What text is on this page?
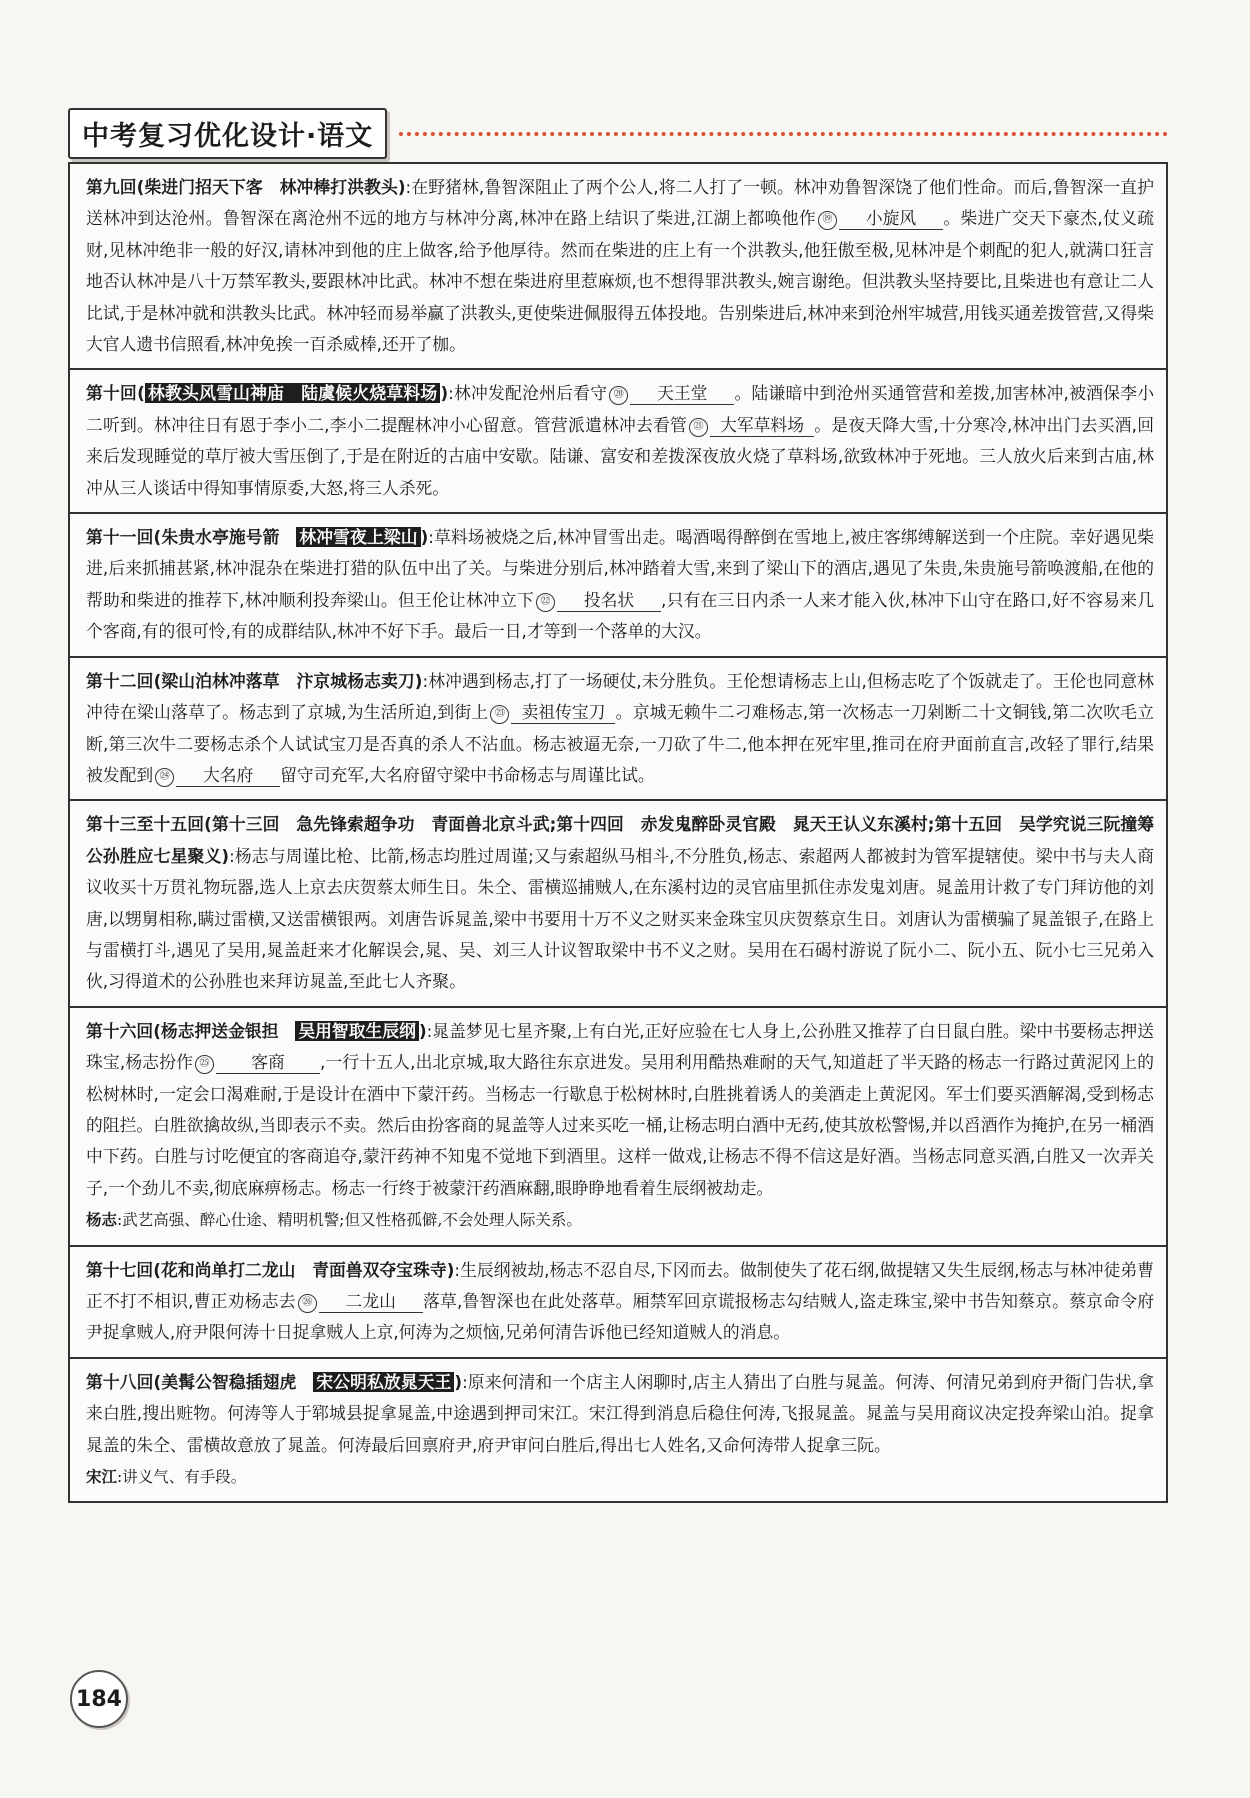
中考复习优化设计·语文
第九回(柴进门招天下客　林冲棒打洪教头):在野猪林,鲁智深阻止了两个公人,将二人打了一顿。林冲劝鲁智深饶了他们性命。而后,鲁智深一直护送林冲到达沧州。鲁智深在离沧州不远的地方与林冲分离,林冲在路上结识了柴进,江湖上都唤他作 ⑲ 小旋风 。柴进广交天下豪杰,仗义疏财,见林冲绝非一般的好汉,请林冲到他的庄上做客,给予他厚待。然而在柴进的庄上有一个洪教头,他狂傲至极,见林冲是个刺配的犯人,就满口狂言地否认林冲是八十万禁军教头,要跟林冲比武。林冲不想在柴进府里惹麻烦,也不想得罪洪教头,婉言谢绝。但洪教头坚持要比,且柴进也有意让二人比试,于是林冲就和洪教头比武。林冲轻而易举赢了洪教头,更使柴进佩服得五体投地。告别柴进后,林冲来到沧州牢城营,用钱买通差拨管营,又得柴大官人遗书信照看,林冲免挨一百杀威棒,还开了枷。
第十回( 林教头风雪山神庙　陆虞候火烧草料场 ):林冲发配沧州后看守 ⑳ 天王堂 。陆谦暗中到沧州买通管营和差拨,加害林冲,被酒保李小二听到。林冲往日有恩于李小二,李小二提醒林冲小心留意。管营派遣林冲去看管 ㉑ 大军草料场 。是夜天降大雪,十分寒冷,林冲出门去买酒,回来后发现睡觉的草厅被大雪压倒了,于是在附近的古庙中安歇。陆谦、富安和差拨深夜放火烧了草料场,欲致林冲于死地。三人放火后来到古庙,林冲从三人谈话中得知事情原委,大怒,将三人杀死。
第十一回(朱贵水亭施号箭　林冲雪夜上梁山 ):草料场被烧之后,林冲冒雪出走。喝酒喝得醉倒在雪地上,被庄客绑缚解送到一个庄院。幸好遇见柴进,后来抓捕甚紧,林冲混杂在柴进打猎的队伍中出了关。与柴进分别后,林冲踏着大雪,来到了梁山下的酒店,遇见了朱贵,朱贵施号箭唤渡船,在他的帮助和柴进的推荐下,林冲顺利投奔梁山。但王伦让林冲立下 ㉒ 投名状 ,只有在三日内杀一人来才能入伙,林冲下山守在路口,好不容易来几个客商,有的很可怜,有的成群结队,林冲不好下手。最后一日,才等到一个落单的大汉。
第十二回(梁山泊林冲落草　汴京城杨志卖刀):林冲遇到杨志,打了一场硬仗,未分胜负。王伦想请杨志上山,但杨志吃了个饭就走了。王伦也同意林冲待在梁山落草了。杨志到了京城,为生活所迫,到街上 ㉓ 卖祖传宝刀 。京城无赖牛二刁难杨志,第一次杨志一刀剁断二十文铜钱,第二次吹毛立断,第三次牛二要杨志杀个人试试宝刀是否真的杀人不沾血。杨志被逼无奈,一刀砍了牛二,他本押在死牢里,推司在府尹面前直言,改轻了罪行,结果被发配到 ㉔ 大名府 留守司充军,大名府留守梁中书命杨志与周谨比试。
第十三至十五回(第十三回　急先锋索超争功　青面兽北京斗武;第十四回　赤发鬼醉卧灵官殿　晁天王认义东溪村;第十五回　吴学究说三阮撞筹　公孙胜应七星聚义):杨志与周谨比枪、比箭,杨志均胜过周谨;又与索超纵马相斗,不分胜负,杨志、索超两人都被封为管军提辖使。梁中书与夫人商议收买十万贯礼物玩器,选人上京去庆贺蔡太师生日。朱仝、雷横巡捕贼人,在东溪村边的灵官庙里抓住赤发鬼刘唐。晁盖用计救了专门拜访他的刘唐,以甥舅相称,瞒过雷横,又送雷横银两。刘唐告诉晁盖,梁中书要用十万不义之财买来金珠宝贝庆贺蔡京生日。刘唐认为雷横骗了晁盖银子,在路上与雷横打斗,遇见了吴用,晁盖赶来才化解误会,晁、吴、刘三人计议智取梁中书不义之财。吴用在石碣村游说了阮小二、阮小五、阮小七三兄弟入伙,习得道术的公孙胜也来拜访晁盖,至此七人齐聚。
第十六回(杨志押送金银担　吴用智取生辰纲 ):晁盖梦见七星齐聚,上有白光,正好应验在七人身上,公孙胜又推荐了白日鼠白胜。梁中书要杨志押送珠宝,杨志扮作 ㉕ 客商 ,一行十五人,出北京城,取大路往东京进发。吴用利用酷热难耐的天气,知道赶了半天路的杨志一行路过黄泥冈上的松树林时,一定会口渴难耐,于是设计在酒中下蒙汗药。当杨志一行歇息于松树林时,白胜挑着诱人的美酒走上黄泥冈。军士们要买酒解渴,受到杨志的阻拦。白胜欲擒故纵,当即表示不卖。然后由扮客商的晁盖等人过来买吃一桶,让杨志明白酒中无药,使其放松警惕,并以舀酒作为掩护,在另一桶酒中下药。白胜与讨吃便宜的客商追夺,蒙汗药神不知鬼不觉地下到酒里。这样一做戏,让杨志不得不信这是好酒。当杨志同意买酒,白胜又一次弄关子,一个劲儿不卖,彻底麻痹杨志。杨志一行终于被蒙汗药酒麻翻,眼睁睁地看着生辰纲被劫走。
杨志:武艺高强、醉心仕途、精明机警;但又性格孤僻,不会处理人际关系。
第十七回(花和尚单打二龙山　青面兽双夺宝珠寺):生辰纲被劫,杨志不忍自尽,下冈而去。做制使失了花石纲,做提辖又失生辰纲,杨志与林冲徒弟曹正不打不相识,曹正劝杨志去 ㉖ 二龙山 落草,鲁智深也在此处落草。厢禁军回京谎报杨志勾结贼人,盗走珠宝,梁中书告知蔡京。蔡京命令府尹捉拿贼人,府尹限何涛十日捉拿贼人上京,何涛为之烦恼,兄弟何清告诉他已经知道贼人的消息。
第十八回(美髯公智稳插翅虎　宋公明私放晁天王 ):原来何清和一个店主人闲聊时,店主人猜出了白胜与晁盖。何涛、何清兄弟到府尹衙门告状,拿来白胜,搜出赃物。何涛等人于郓城县捉拿晁盖,中途遇到押司宋江。宋江得到消息后稳住何涛,飞报晁盖。晁盖与吴用商议决定投奔梁山泊。捉拿晁盖的朱仝、雷横故意放了晁盖。何涛最后回禀府尹,府尹审问白胜后,得出七人姓名,又命何涛带人捉拿三阮。
宋江:讲义气、有手段。
184
